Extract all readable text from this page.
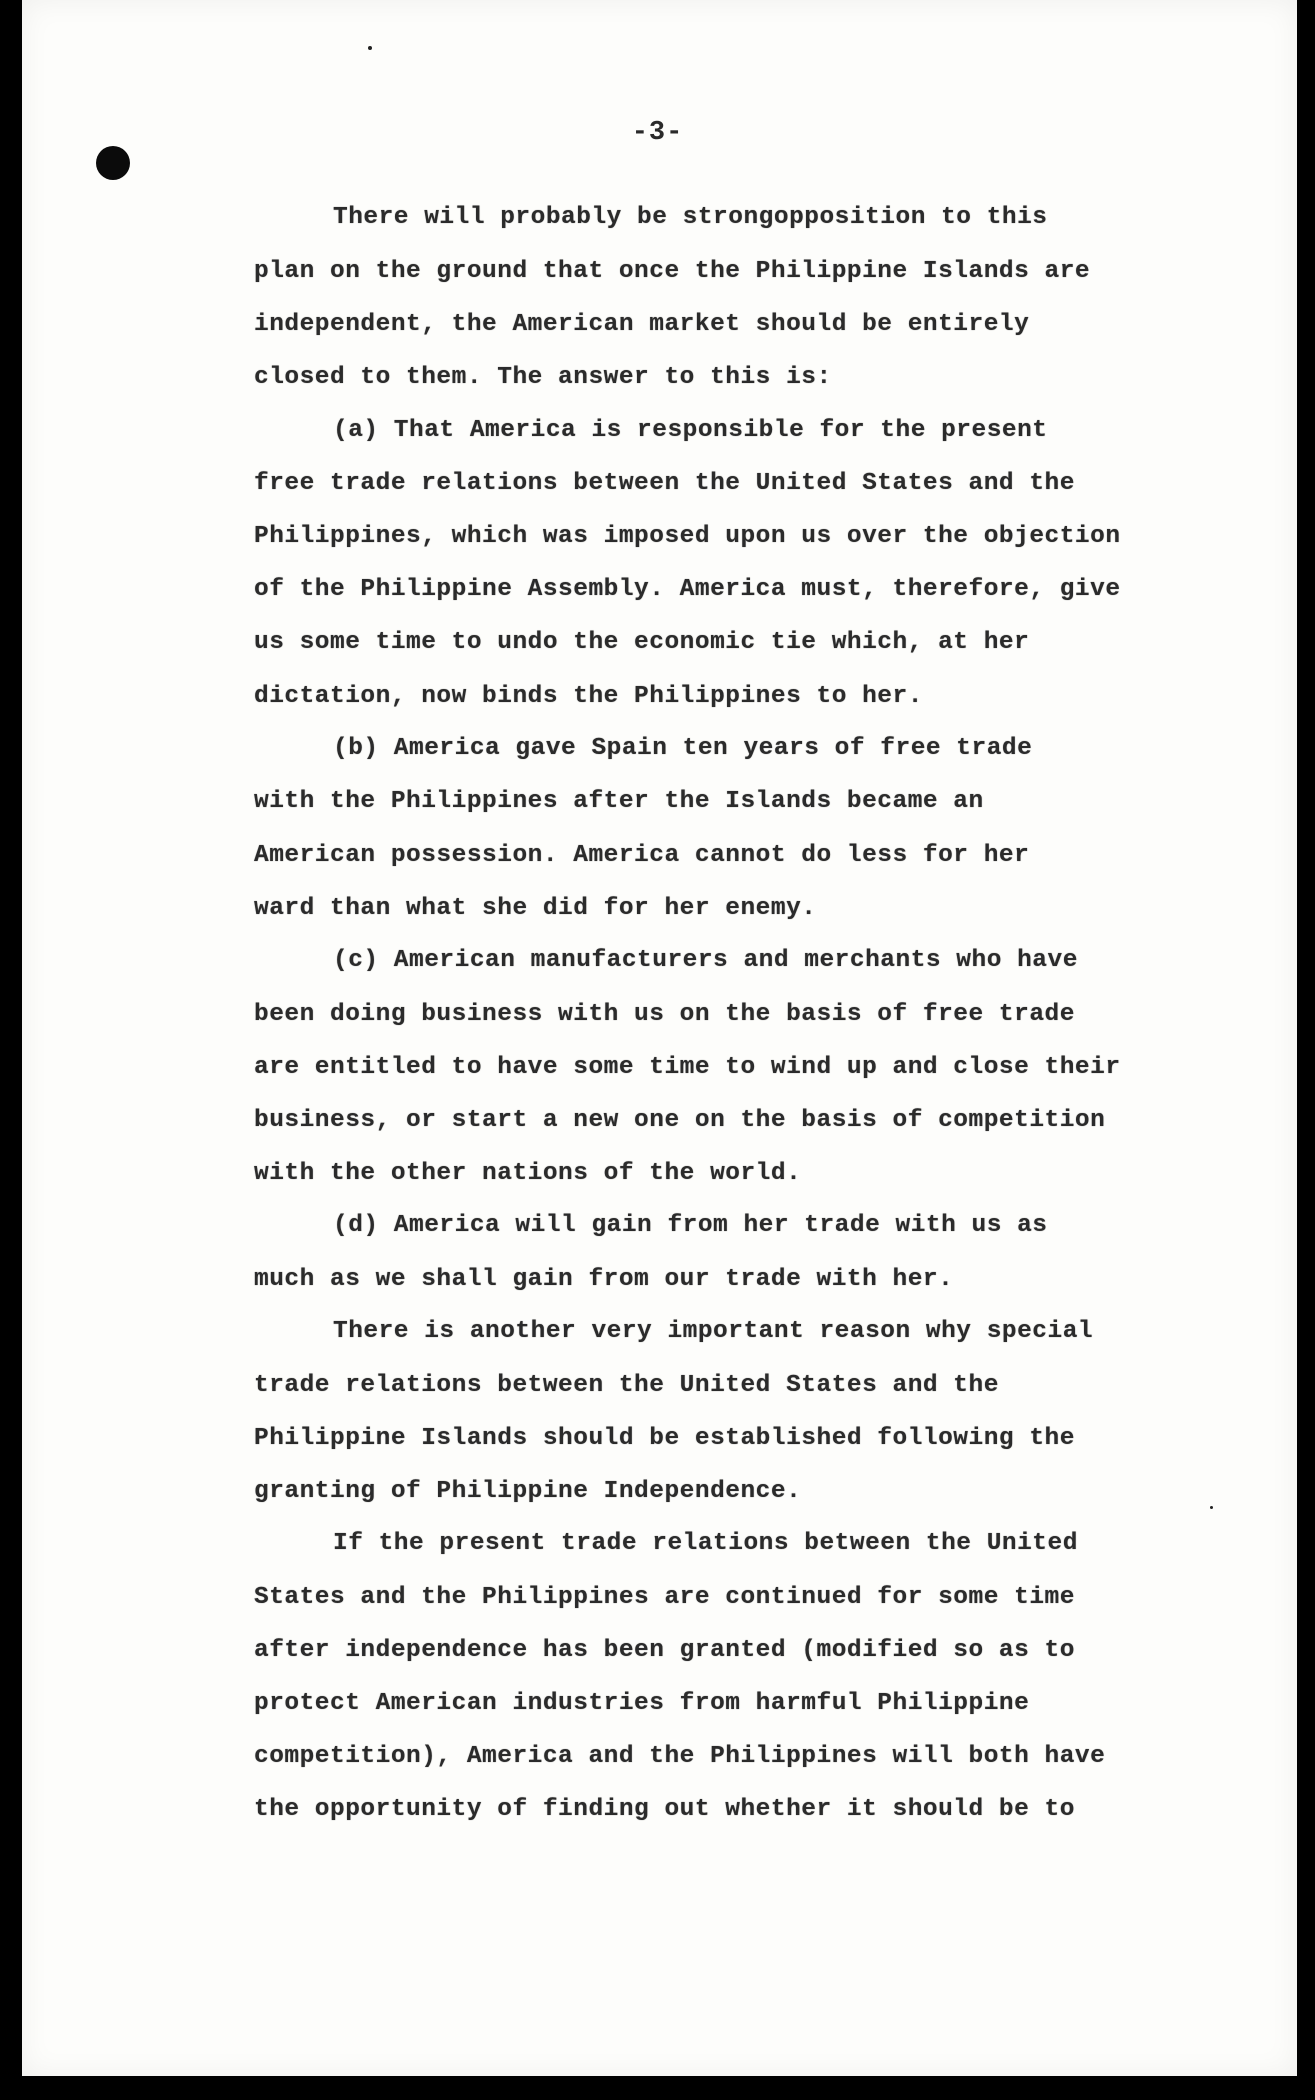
-3-
There will probably be strongopposition to this
plan on the ground that once the Philippine Islands are
independent, the American market should be entirely
closed to them. The answer to this is:
(a) That America is responsible for the present
free trade relations between the United States and the
Philippines, which was imposed upon us over the objection
of the Philippine Assembly. America must, therefore, give
us some time to undo the economic tie which, at her
dictation, now binds the Philippines to her.
(b) America gave Spain ten years of free trade
with the Philippines after the Islands became an
American possession. America cannot do less for her
ward than what she did for her enemy.
(c) American manufacturers and merchants who have
been doing business with us on the basis of free trade
are entitled to have some time to wind up and close their
business, or start a new one on the basis of competition
with the other nations of the world.
(d) America will gain from her trade with us as
much as we shall gain from our trade with her.
There is another very important reason why special
trade relations between the United States and the
Philippine Islands should be established following the
granting of Philippine Independence.
If the present trade relations between the United
States and the Philippines are continued for some time
after independence has been granted (modified so as to
protect American industries from harmful Philippine
competition), America and the Philippines will both have
the opportunity of finding out whether it should be to
